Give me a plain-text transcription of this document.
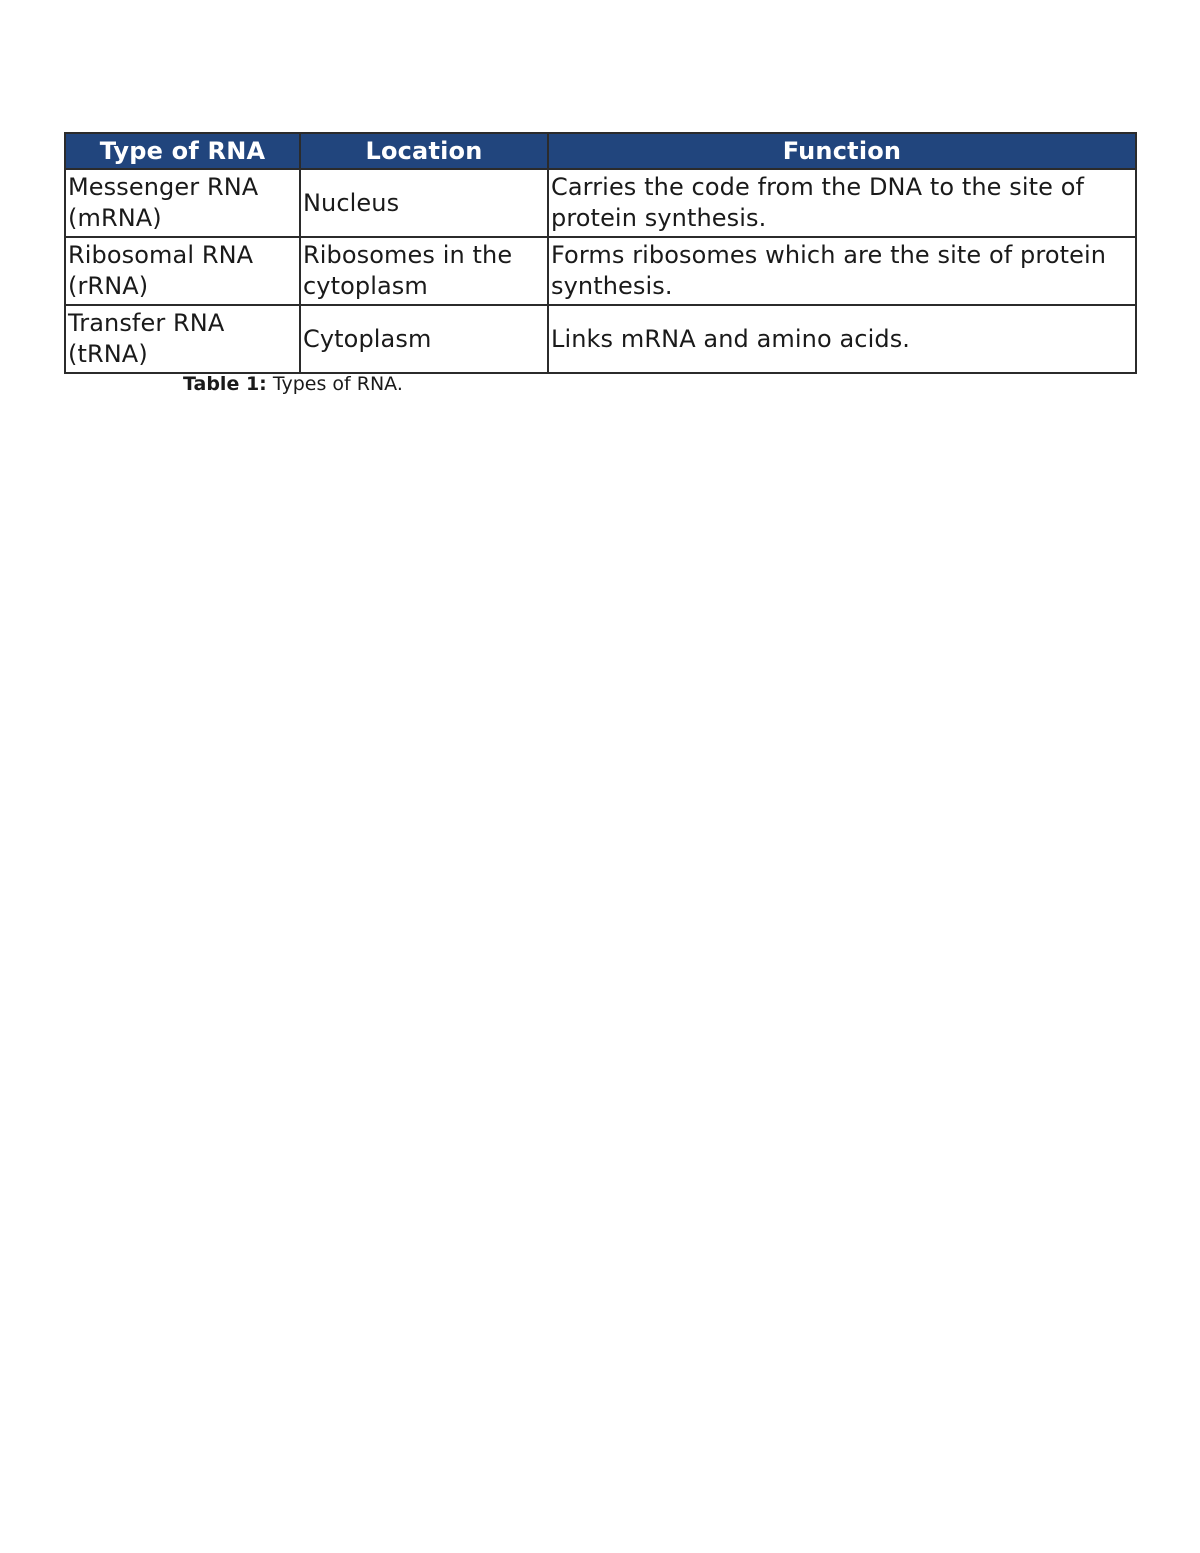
Type of RNA	Location	Function
Messenger RNA (mRNA)	Nucleus	Carries the code from the DNA to the site of protein synthesis.
Ribosomal RNA (rRNA)	Ribosomes in the cytoplasm	Forms ribosomes which are the site of protein synthesis.
Transfer RNA (tRNA)	Cytoplasm	Links mRNA and amino acids.
Table 1: Types of RNA.
